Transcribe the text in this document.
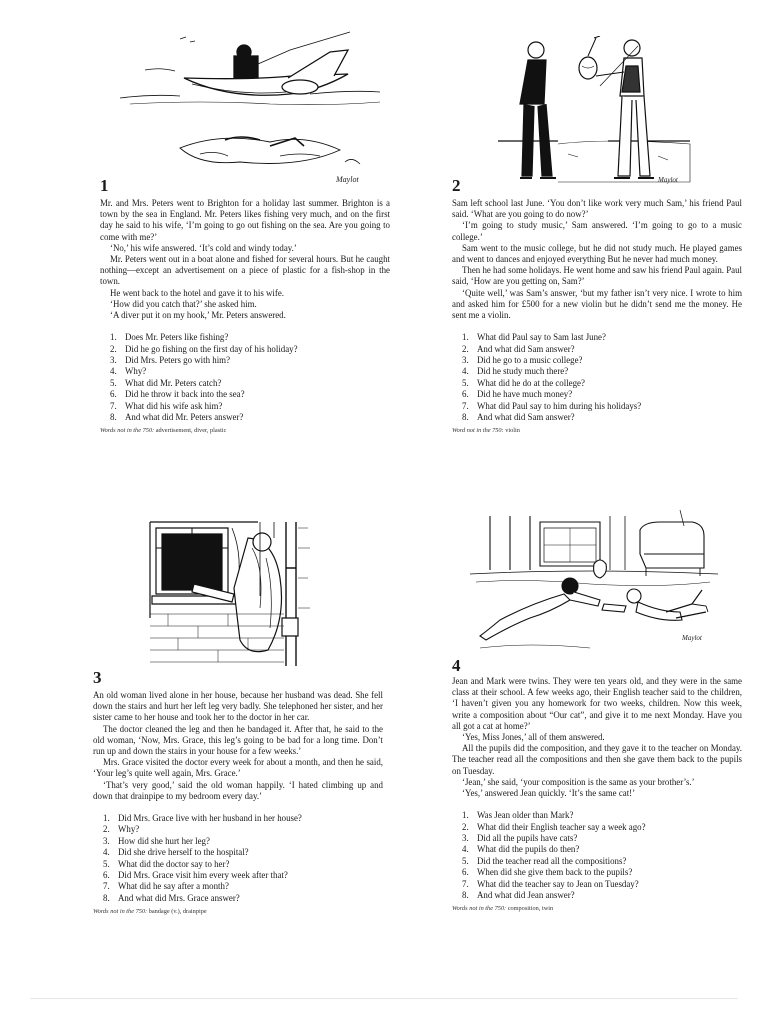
Maylot	Maylot
Maylot
1	2
3
4

Mr. and Mrs. Peters went to Brighton for a holiday last summer. Brighton is a town by the sea in England. Mr. Peters likes fishing very much, and on the first day he said to his wife, ‘I’m going to go out fishing on the sea. Are you going to come with me?’

‘No,’ his wife answered. ‘It’s cold and windy today.’

Mr. Peters went out in a boat alone and fished for several hours. But he caught nothing—except an advertisement on a piece of plastic for a fish-shop in the town.

He went back to the hotel and gave it to his wife.

‘How did you catch that?’ she asked him.

‘A diver put it on my hook,’ Mr. Peters answered.

1. Does Mr. Peters like fishing?
2. Did he go fishing on the first day of his holiday?
3. Did Mrs. Peters go with him?
4. Why?
5. What did Mr. Peters catch?
6. Did he throw it back into the sea?
7. What did his wife ask him?
8. And what did Mr. Peters answer?
Words not in the 750: advertisement, diver, plastic

Sam left school last June. ‘You don’t like work very much Sam,’ his friend Paul said. ‘What are you going to do now?’

‘I’m going to study music,’ Sam answered. ‘I’m going to go to a music college.’

Sam went to the music college, but he did not study much. He played games and went to dances and enjoyed everything But he never had much money.

Then he had some holidays. He went home and saw his friend Paul again. Paul said, ‘How are you getting on, Sam?’

‘Quite well,’ was Sam’s answer, ‘but my father isn’t very nice. I wrote to him and asked him for £500 for a new violin but he didn’t send me the money. He sent me a violin.

1. What did Paul say to Sam last June?
2. And what did Sam answer?
3. Did he go to a music college?
4. Did he study much there?
5. What did he do at the college?
6. Did he have much money?
7. What did Paul say to him during his holidays?
8. And what did Sam answer?
Word not in the 750: violin

An old woman lived alone in her house, because her husband was dead. She fell down the stairs and hurt her left leg very badly. She telephoned her sister, and her sister came to her house and took her to the doctor in her car.

The doctor cleaned the leg and then he bandaged it. After that, he said to the old woman, ‘Now, Mrs. Grace, this leg’s going to be bad for a long time. Don’t run up and down the stairs in your house for a few weeks.’

Mrs. Grace visited the doctor every week for about a month, and then he said, ‘Your leg’s quite well again, Mrs. Grace.’

‘That’s very good,’ said the old woman happily. ‘I hated climbing up and down that drainpipe to my bedroom every day.’

1. Did Mrs. Grace live with her husband in her house?
2. Why?
3. How did she hurt her leg?
4. Did she drive herself to the hospital?
5. What did the doctor say to her?
6. Did Mrs. Grace visit him every week after that?
7. What did he say after a month?
8. And what did Mrs. Grace answer?
Words not in the 750: bandage (v.), drainpipe

Jean and Mark were twins. They were ten years old, and they were in the same class at their school. A few weeks ago, their English teacher said to the children, ‘I haven’t given you any homework for two weeks, children. Now this week, write a composition about “Our cat”, and give it to me next Monday. Have you all got a cat at home?’

‘Yes, Miss Jones,’ all of them answered.

All the pupils did the composition, and they gave it to the teacher on Monday. The teacher read all the compositions and then she gave them back to the pupils on Tuesday.

‘Jean,’ she said, ‘your composition is the same as your brother’s.’

‘Yes,’ answered Jean quickly. ‘It’s the same cat!’

1. Was Jean older than Mark?
2. What did their English teacher say a week ago?
3. Did all the pupils have cats?
4. What did the pupils do then?
5. Did the teacher read all the compositions?
6. When did she give them back to the pupils?
7. What did the teacher say to Jean on Tuesday?
8. And what did Jean answer?
Words not in the 750: composition, twin
